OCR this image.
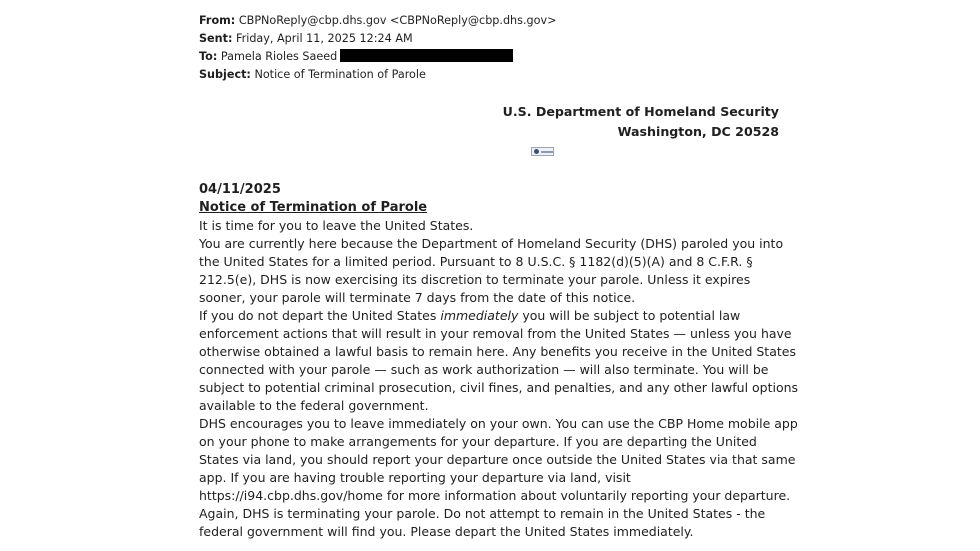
From: CBPNoReply@cbp.dhs.gov <CBPNoReply@cbp.dhs.gov>
Sent: Friday, April 11, 2025 12:24 AM
To: Pamela Rioles Saeed
Subject: Notice of Termination of Parole
U.S. Department of Homeland Security
Washington, DC 20528
04/11/2025
Notice of Termination of Parole

It is time for you to leave the United States.

You are currently here because the Department of Homeland Security (DHS) paroled you into the United States for a limited period. Pursuant to 8 U.S.C. § 1182(d)(5)(A) and 8 C.F.R. § 212.5(e), DHS is now exercising its discretion to terminate your parole. Unless it expires sooner, your parole will terminate 7 days from the date of this notice.

If you do not depart the United States immediately you will be subject to potential law enforcement actions that will result in your removal from the United States — unless you have otherwise obtained a lawful basis to remain here. Any benefits you receive in the United States connected with your parole — such as work authorization — will also terminate. You will be subject to potential criminal prosecution, civil fines, and penalties, and any other lawful options available to the federal government.

DHS encourages you to leave immediately on your own. You can use the CBP Home mobile app on your phone to make arrangements for your departure. If you are departing the United States via land, you should report your departure once outside the United States via that same app. If you are having trouble reporting your departure via land, visit https://i94.cbp.dhs.gov/home for more information about voluntarily reporting your departure.

Again, DHS is terminating your parole. Do not attempt to remain in the United States - the federal government will find you. Please depart the United States immediately.
